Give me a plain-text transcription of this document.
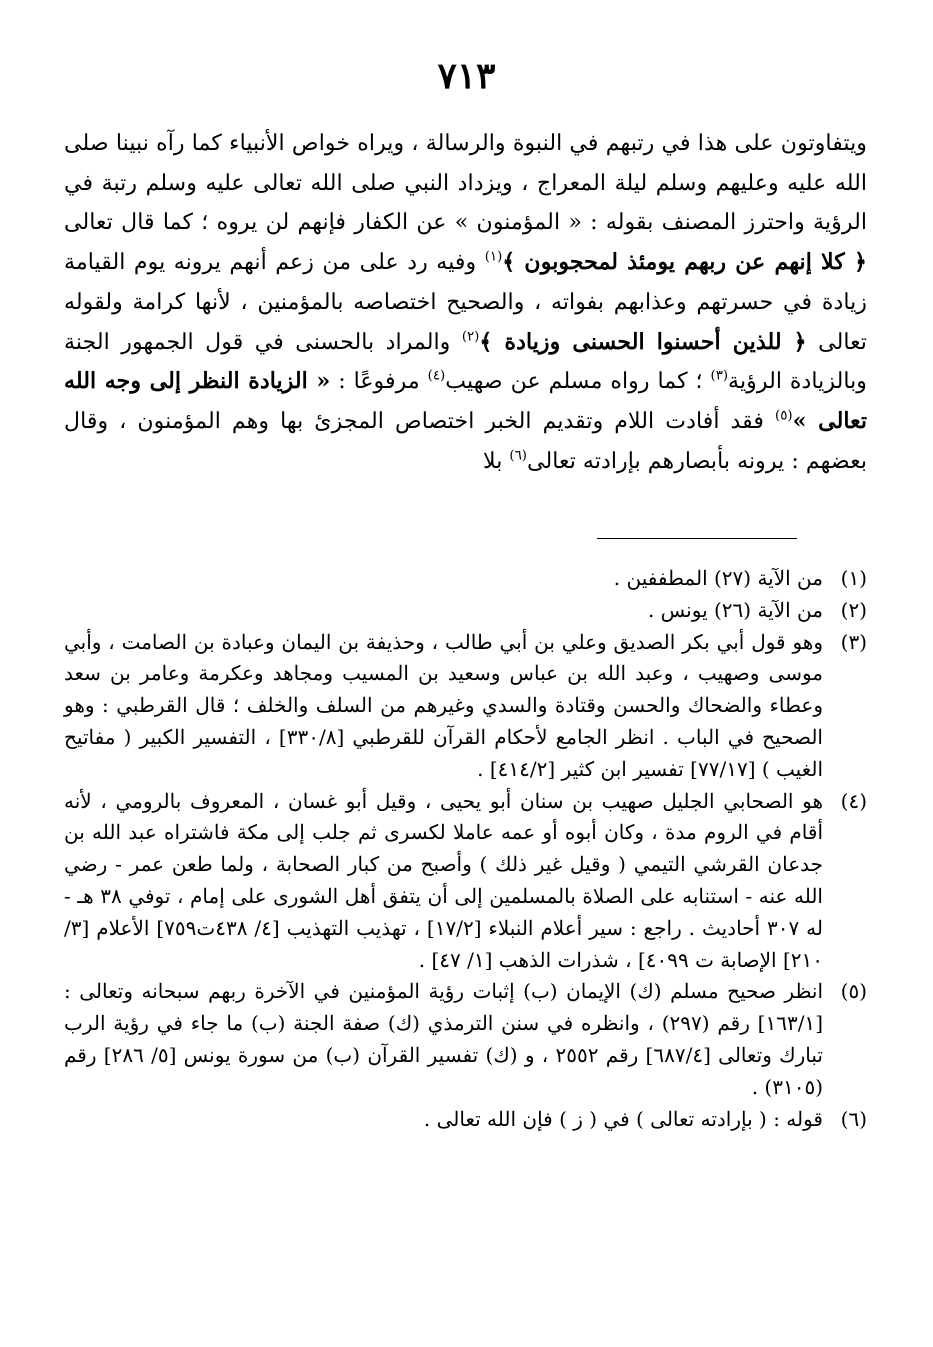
٧١٣

ويتفاوتون على هذا في رتبهم في النبوة والرسالة ، ويراه خواص الأنبياء كما رآه نبينا صلى الله عليه وعليهم وسلم ليلة المعراج ، ويزداد النبي صلى الله تعالى عليه وسلم رتبة في الرؤية واحترز المصنف بقوله : « المؤمنون » عن الكفار فإنهم لن يروه ؛ كما قال تعالى ﴿ كلا إنهم عن ربهم يومئذ لمحجوبون ﴾$^{(١)}$ وفيه رد على من زعم أنهم يرونه يوم القيامة زيادة في حسرتهم وعذابهم بفواته ، والصحيح اختصاصه بالمؤمنين ، لأنها كرامة ولقوله تعالى ﴿ للذين أحسنوا الحسنى وزيادة ﴾$^{(٢)}$ والمراد بالحسنى في قول الجمهور الجنة وبالزيادة الرؤية$^{(٣)}$ ؛ كما رواه مسلم عن صهيب$^{(٤)}$ مرفوعًا : « الزيادة النظر إلى وجه الله تعالى »$^{(٥)}$ فقد أفادت اللام وتقديم الخبر اختصاص المجزئ بها وهم المؤمنون ، وقال بعضهم : يرونه بأبصارهم بإرادته تعالى$^{(٦)}$ بلا

(١)
من الآية (٢٧) المطففين .
(٢)
من الآية (٢٦) يونس .
(٣)
وهو قول أبي بكر الصديق وعلي بن أبي طالب ، وحذيفة بن اليمان وعبادة بن الصامت ، وأبي موسى وصهيب ، وعبد الله بن عباس وسعيد بن المسيب ومجاهد وعكرمة وعامر بن سعد وعطاء والضحاك والحسن وقتادة والسدي وغيرهم من السلف والخلف ؛ قال القرطبي : وهو الصحيح في الباب . انظر الجامع لأحكام القرآن للقرطبي [٣٣٠/٨] ، التفسير الكبير ( مفاتيح الغيب ) [٧٧/١٧] تفسير ابن كثير [٤١٤/٢] .
(٤)
هو الصحابي الجليل صهيب بن سنان أبو يحيى ، وقيل أبو غسان ، المعروف بالرومي ، لأنه أقام في الروم مدة ، وكان أبوه أو عمه عاملا لكسرى ثم جلب إلى مكة فاشتراه عبد الله بن جدعان القرشي التيمي ( وقيل غير ذلك ) وأصبح من كبار الصحابة ، ولما طعن عمر - رضي الله عنه - استنابه على الصلاة بالمسلمين إلى أن يتفق أهل الشورى على إمام ، توفي ٣٨ هـ - له ٣٠٧ أحاديث . راجع : سير أعلام النبلاء [١٧/٢] ، تهذيب التهذيب [٤/ ٤٣٨ت٧٥٩] الأعلام [٣/ ٢١٠] الإصابة ت ٤٠٩٩] ، شذرات الذهب [١/ ٤٧] .
(٥)
انظر صحيح مسلم (ك) الإيمان (ب) إثبات رؤية المؤمنين في الآخرة ربهم سبحانه وتعالى : [١٦٣/١] رقم (٢٩٧) ، وانظره في سنن الترمذي (ك) صفة الجنة (ب) ما جاء في رؤية الرب تبارك وتعالى [٦٨٧/٤] رقم ٢٥٥٢ ، و (ك) تفسير القرآن (ب) من سورة يونس [٥/ ٢٨٦] رقم (٣١٠٥) .
(٦)
قوله : ( بإرادته تعالى ) في ( ز ) فإن الله تعالى .
